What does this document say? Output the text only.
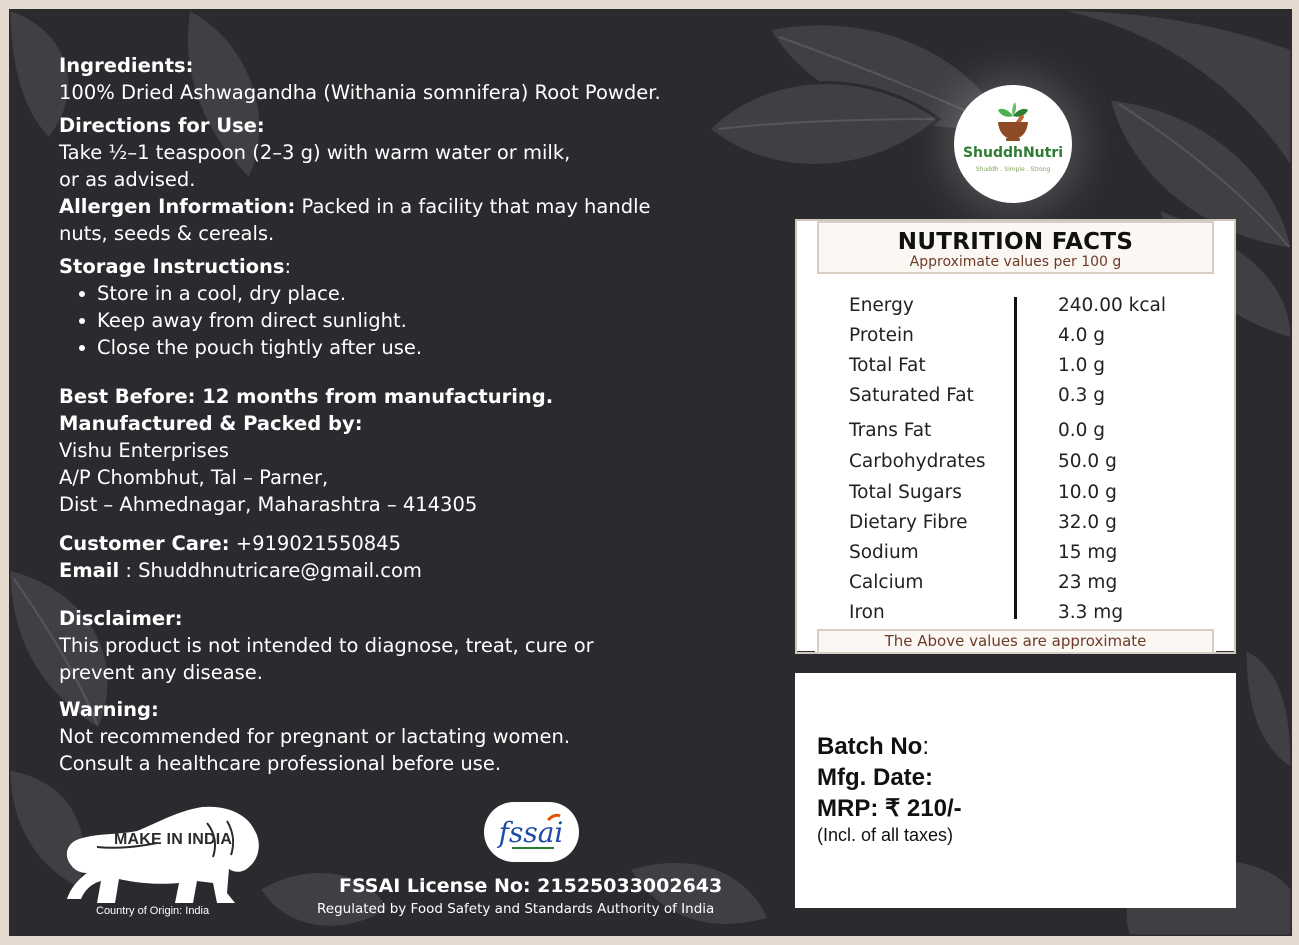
Ingredients:
100% Dried Ashwagandha (Withania somnifera) Root Powder.
Directions for Use:
Take ½–1 teaspoon (2–3 g) with warm water or milk,
or as advised.
Allergen Information: Packed in a facility that may handle
nuts, seeds & cereals.
Storage Instructions:
Store in a cool, dry place.
Keep away from direct sunlight.
Close the pouch tightly after use.
Best Before: 12 months from manufacturing.
Manufactured & Packed by:
Vishu Enterprises
A/P Chombhut, Tal – Parner,
Dist – Ahmednagar, Maharashtra – 414305
Customer Care: +919021550845
Email : Shuddhnutricare@gmail.com
Disclaimer:
This product is not intended to diagnose, treat, cure or
prevent any disease.
Warning:
Not recommended for pregnant or lactating women.
Consult a healthcare professional before use.
ShuddhNutri
Shuddh . Simple . Strong
NUTRITION FACTS
Approximate values per 100 g
Energy	240.00 kcal
Protein	4.0 g
Total Fat	1.0 g
Saturated Fat	0.3 g
Trans Fat	0.0 g
Carbohydrates	50.0 g
Total Sugars	10.0 g
Dietary Fibre	32.0 g
Sodium	15 mg
Calcium	23 mg
Iron	3.3 mg
The Above values are approximate
Batch No:
Mfg. Date:
MRP: ₹ 210/-
(Incl. of all taxes)
MAKE IN INDIA
Country of Origin: India
fssai
FSSAI License No: 21525033002643
Regulated by Food Safety and Standards Authority of India
